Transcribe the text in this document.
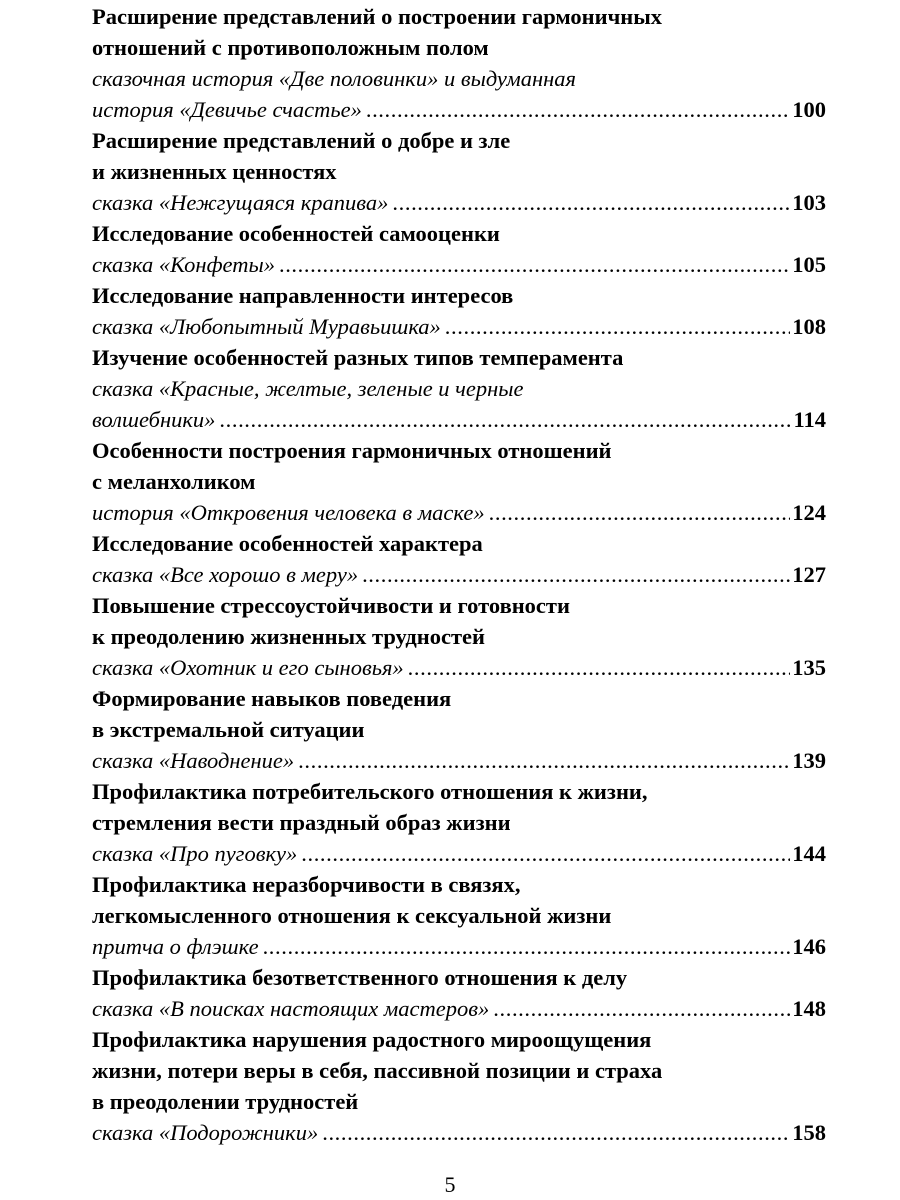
Расширение представлений о построении гармоничных
отношений с противоположным полом
сказочная история «Две половинки» и выдуманная
история «Девичье счастье» .....	100
Расширение представлений о добре и зле
и жизненных ценностях
сказка «Нежгущаяся крапива» .....	103
Исследование особенностей самооценки
сказка «Конфеты» .....	105
Исследование направленности интересов
сказка «Любопытный Муравьишка» .....	108
Изучение особенностей разных типов темперамента
сказка «Красные, желтые, зеленые и черные
волшебники» .....	114
Особенности построения гармоничных отношений
с меланхоликом
история «Откровения человека в маске» .....	124
Исследование особенностей характера
сказка «Все хорошо в меру» .....	127
Повышение стрессоустойчивости и готовности
к преодолению жизненных трудностей
сказка «Охотник и его сыновья» .....	135
Формирование навыков поведения
в экстремальной ситуации
сказка «Наводнение» .....	139
Профилактика потребительского отношения к жизни,
стремления вести праздный образ жизни
сказка «Про пуговку» .....	144
Профилактика неразборчивости в связях,
легкомысленного отношения к сексуальной жизни
притча о флэшке .....	146
Профилактика безответственного отношения к делу
сказка «В поисках настоящих мастеров» .....	148
Профилактика нарушения радостного мироощущения
жизни, потери веры в себя, пассивной позиции и страха
в преодолении трудностей
сказка «Подорожники» .....	158
5
